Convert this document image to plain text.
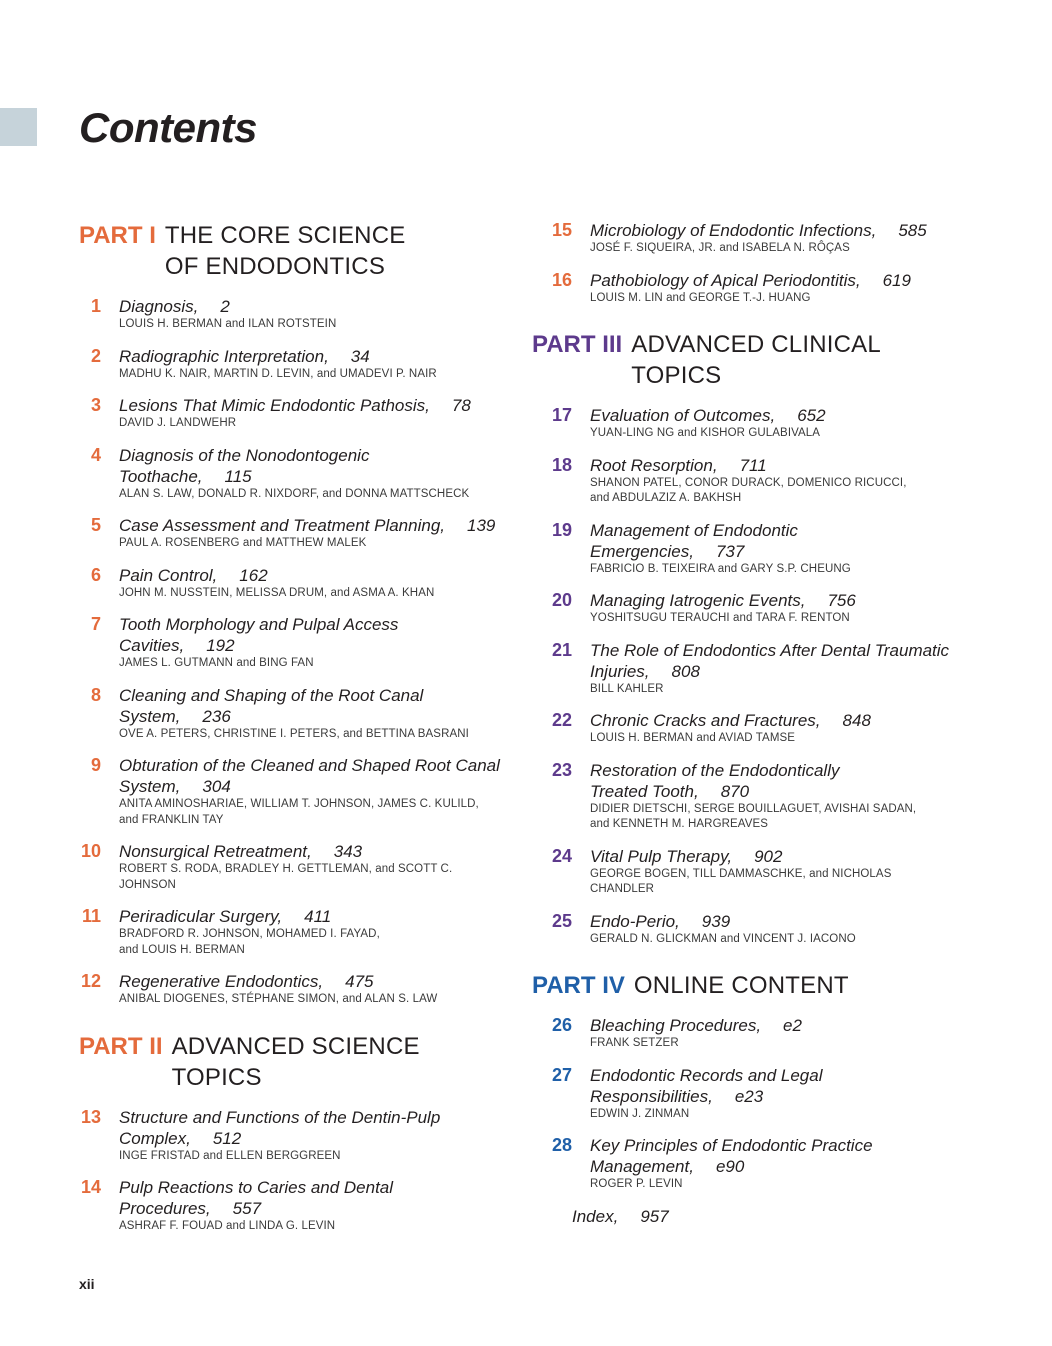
Contents
PART I THE CORE SCIENCE
OF ENDODONTICS
1 Diagnosis, 2
LOUIS H. BERMAN and ILAN ROTSTEIN
2 Radiographic Interpretation, 34
MADHU K. NAIR, MARTIN D. LEVIN, and UMADEVI P. NAIR
3 Lesions That Mimic Endodontic Pathosis, 78
DAVID J. LANDWEHR
4 Diagnosis of the Nonodontogenic
Toothache, 115
ALAN S. LAW, DONALD R. NIXDORF, and DONNA MATTSCHECK
5 Case Assessment and Treatment Planning, 139
PAUL A. ROSENBERG and MATTHEW MALEK
6 Pain Control, 162
JOHN M. NUSSTEIN, MELISSA DRUM, and ASMA A. KHAN
7 Tooth Morphology and Pulpal Access
Cavities, 192
JAMES L. GUTMANN and BING FAN
8 Cleaning and Shaping of the Root Canal
System, 236
OVE A. PETERS, CHRISTINE I. PETERS, and BETTINA BASRANI
9 Obturation of the Cleaned and Shaped Root Canal
System, 304
ANITA AMINOSHARIAE, WILLIAM T. JOHNSON, JAMES C. KULILD,
and FRANKLIN TAY
10 Nonsurgical Retreatment, 343
ROBERT S. RODA, BRADLEY H. GETTLEMAN, and SCOTT C. JOHNSON
11 Periradicular Surgery, 411
BRADFORD R. JOHNSON, MOHAMED I. FAYAD,
and LOUIS H. BERMAN
12 Regenerative Endodontics, 475
ANIBAL DIOGENES, STÉPHANE SIMON, and ALAN S. LAW
PART II ADVANCED SCIENCE TOPICS
13 Structure and Functions of the Dentin-Pulp
Complex, 512
INGE FRISTAD and ELLEN BERGGREEN
14 Pulp Reactions to Caries and Dental
Procedures, 557
ASHRAF F. FOUAD and LINDA G. LEVIN
15 Microbiology of Endodontic Infections, 585
JOSÉ F. SIQUEIRA, JR. and ISABELA N. RÔÇAS
16 Pathobiology of Apical Periodontitis, 619
LOUIS M. LIN and GEORGE T.-J. HUANG
PART III ADVANCED CLINICAL
TOPICS
17 Evaluation of Outcomes, 652
YUAN-LING NG and KISHOR GULABIVALA
18 Root Resorption, 711
SHANON PATEL, CONOR DURACK, DOMENICO RICUCCI,
and ABDULAZIZ A. BAKHSH
19 Management of Endodontic Emergencies, 737
FABRICIO B. TEIXEIRA and GARY S.P. CHEUNG
20 Managing Iatrogenic Events, 756
YOSHITSUGU TERAUCHI and TARA F. RENTON
21 The Role of Endodontics After Dental Traumatic
Injuries, 808
BILL KAHLER
22 Chronic Cracks and Fractures, 848
LOUIS H. BERMAN and AVIAD TAMSE
23 Restoration of the Endodontically
Treated Tooth, 870
DIDIER DIETSCHI, SERGE BOUILLAGUET, AVISHAI SADAN,
and KENNETH M. HARGREAVES
24 Vital Pulp Therapy, 902
GEORGE BOGEN, TILL DAMMASCHKE, and NICHOLAS CHANDLER
25 Endo-Perio, 939
GERALD N. GLICKMAN and VINCENT J. IACONO
PART IV ONLINE CONTENT
26 Bleaching Procedures, e2
FRANK SETZER
27 Endodontic Records and Legal
Responsibilities, e23
EDWIN J. ZINMAN
28 Key Principles of Endodontic Practice
Management, e90
ROGER P. LEVIN
Index, 957
xii
